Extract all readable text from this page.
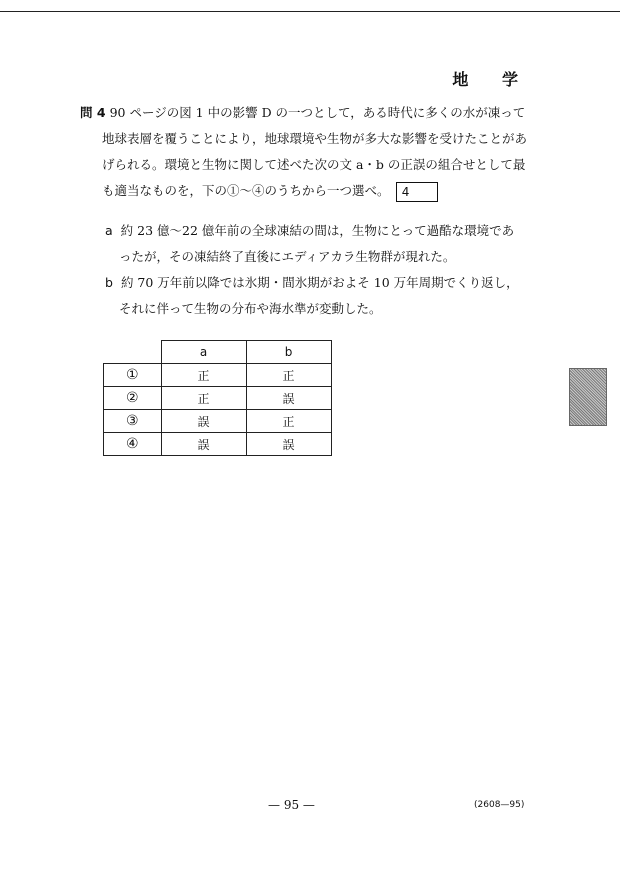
地 学

問 4 90 ページの図 1 中の影響 D の一つとして，ある時代に多くの水が凍って地球表層を覆うことにより，地球環境や生物が多大な影響を受けたことがあげられる。環境と生物に関して述べた次の文 a・b の正誤の組合せとして最も適当なものを，下の①～④のうちから一つ選べ。 4

a 約 23 億～22 億年前の全球凍結の間は，生物にとって過酷な環境であったが，その凍結終了直後にエディアカラ生物群が現れた。

b 約 70 万年前以降では氷期・間氷期がおよそ 10 万年周期でくり返し，それに伴って生物の分布や海水準が変動した。

	a	b
①	正	正
②	正	誤
③	誤	正
④	誤	誤
— 95 —	(2608—95)
